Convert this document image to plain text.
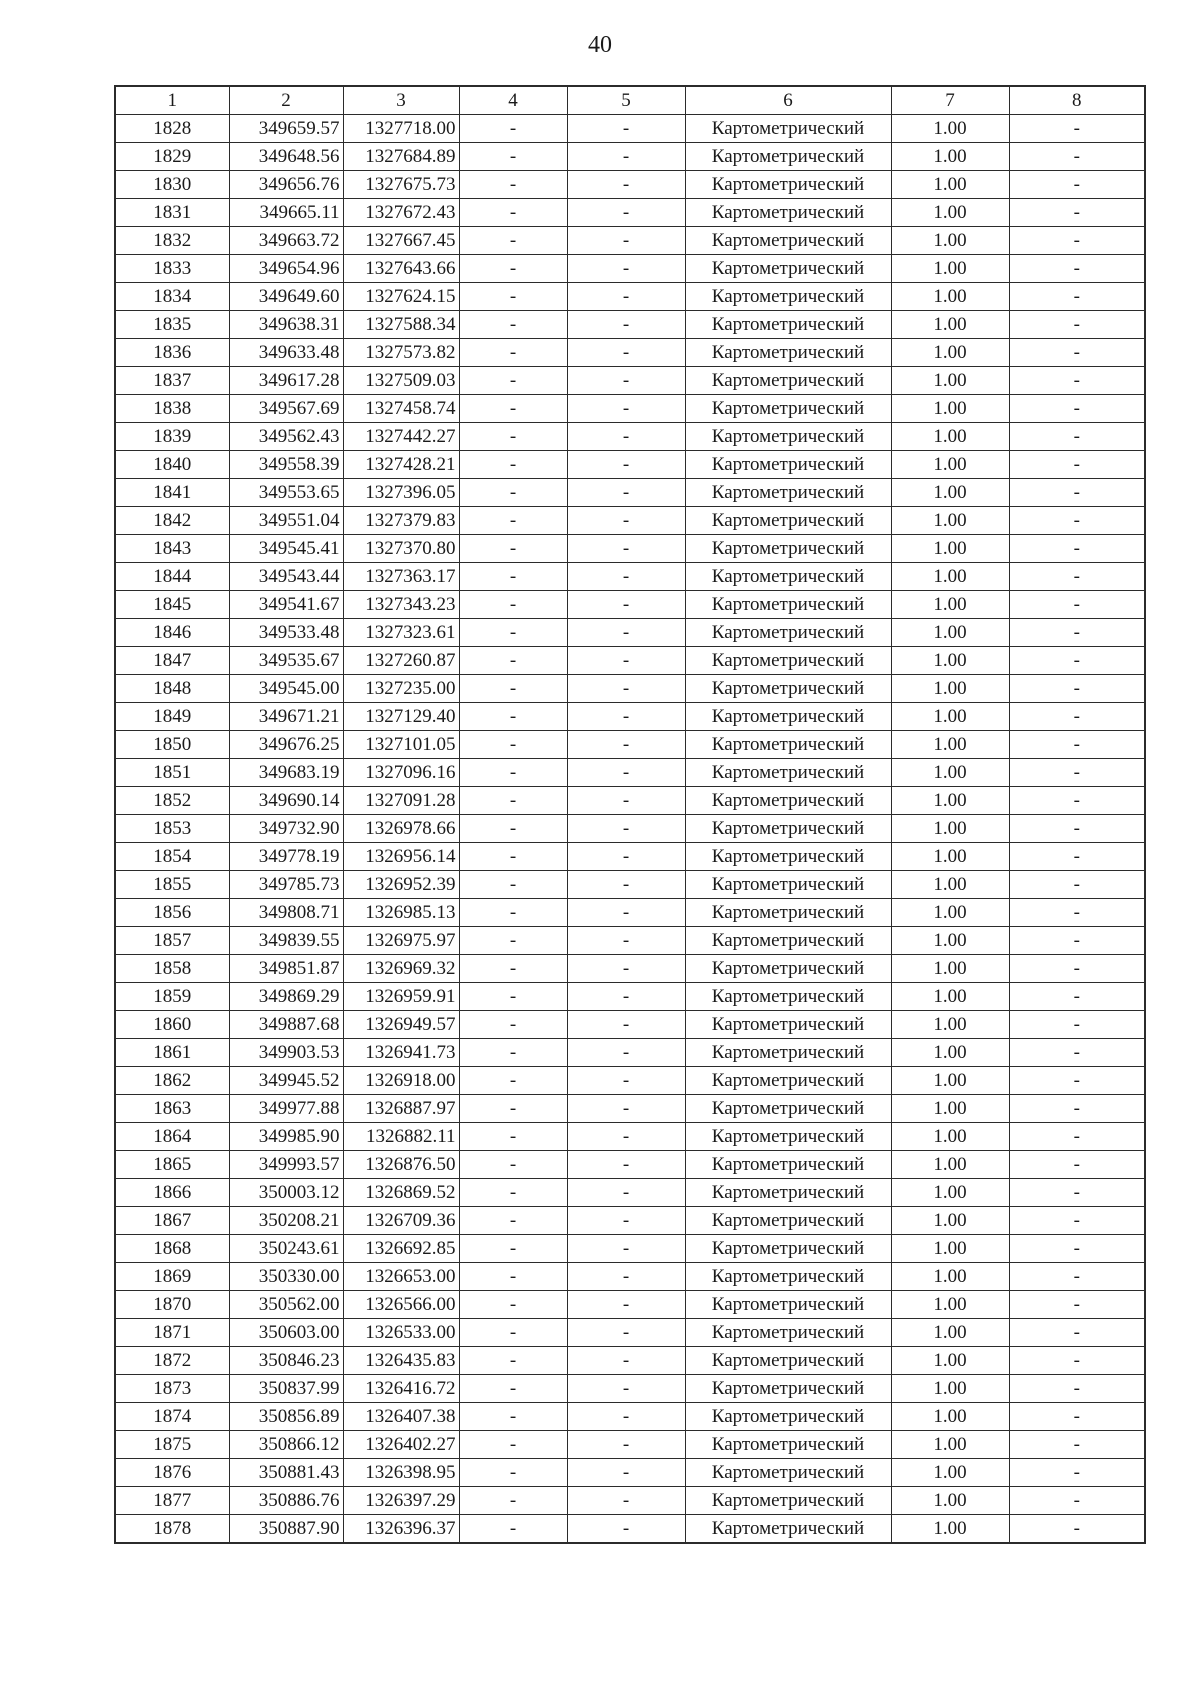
40
1	2	3	4	5	6	7	8
1828	349659.57	1327718.00	-	-	Картометрический	1.00	-
1829	349648.56	1327684.89	-	-	Картометрический	1.00	-
1830	349656.76	1327675.73	-	-	Картометрический	1.00	-
1831	349665.11	1327672.43	-	-	Картометрический	1.00	-
1832	349663.72	1327667.45	-	-	Картометрический	1.00	-
1833	349654.96	1327643.66	-	-	Картометрический	1.00	-
1834	349649.60	1327624.15	-	-	Картометрический	1.00	-
1835	349638.31	1327588.34	-	-	Картометрический	1.00	-
1836	349633.48	1327573.82	-	-	Картометрический	1.00	-
1837	349617.28	1327509.03	-	-	Картометрический	1.00	-
1838	349567.69	1327458.74	-	-	Картометрический	1.00	-
1839	349562.43	1327442.27	-	-	Картометрический	1.00	-
1840	349558.39	1327428.21	-	-	Картометрический	1.00	-
1841	349553.65	1327396.05	-	-	Картометрический	1.00	-
1842	349551.04	1327379.83	-	-	Картометрический	1.00	-
1843	349545.41	1327370.80	-	-	Картометрический	1.00	-
1844	349543.44	1327363.17	-	-	Картометрический	1.00	-
1845	349541.67	1327343.23	-	-	Картометрический	1.00	-
1846	349533.48	1327323.61	-	-	Картометрический	1.00	-
1847	349535.67	1327260.87	-	-	Картометрический	1.00	-
1848	349545.00	1327235.00	-	-	Картометрический	1.00	-
1849	349671.21	1327129.40	-	-	Картометрический	1.00	-
1850	349676.25	1327101.05	-	-	Картометрический	1.00	-
1851	349683.19	1327096.16	-	-	Картометрический	1.00	-
1852	349690.14	1327091.28	-	-	Картометрический	1.00	-
1853	349732.90	1326978.66	-	-	Картометрический	1.00	-
1854	349778.19	1326956.14	-	-	Картометрический	1.00	-
1855	349785.73	1326952.39	-	-	Картометрический	1.00	-
1856	349808.71	1326985.13	-	-	Картометрический	1.00	-
1857	349839.55	1326975.97	-	-	Картометрический	1.00	-
1858	349851.87	1326969.32	-	-	Картометрический	1.00	-
1859	349869.29	1326959.91	-	-	Картометрический	1.00	-
1860	349887.68	1326949.57	-	-	Картометрический	1.00	-
1861	349903.53	1326941.73	-	-	Картометрический	1.00	-
1862	349945.52	1326918.00	-	-	Картометрический	1.00	-
1863	349977.88	1326887.97	-	-	Картометрический	1.00	-
1864	349985.90	1326882.11	-	-	Картометрический	1.00	-
1865	349993.57	1326876.50	-	-	Картометрический	1.00	-
1866	350003.12	1326869.52	-	-	Картометрический	1.00	-
1867	350208.21	1326709.36	-	-	Картометрический	1.00	-
1868	350243.61	1326692.85	-	-	Картометрический	1.00	-
1869	350330.00	1326653.00	-	-	Картометрический	1.00	-
1870	350562.00	1326566.00	-	-	Картометрический	1.00	-
1871	350603.00	1326533.00	-	-	Картометрический	1.00	-
1872	350846.23	1326435.83	-	-	Картометрический	1.00	-
1873	350837.99	1326416.72	-	-	Картометрический	1.00	-
1874	350856.89	1326407.38	-	-	Картометрический	1.00	-
1875	350866.12	1326402.27	-	-	Картометрический	1.00	-
1876	350881.43	1326398.95	-	-	Картометрический	1.00	-
1877	350886.76	1326397.29	-	-	Картометрический	1.00	-
1878	350887.90	1326396.37	-	-	Картометрический	1.00	-
